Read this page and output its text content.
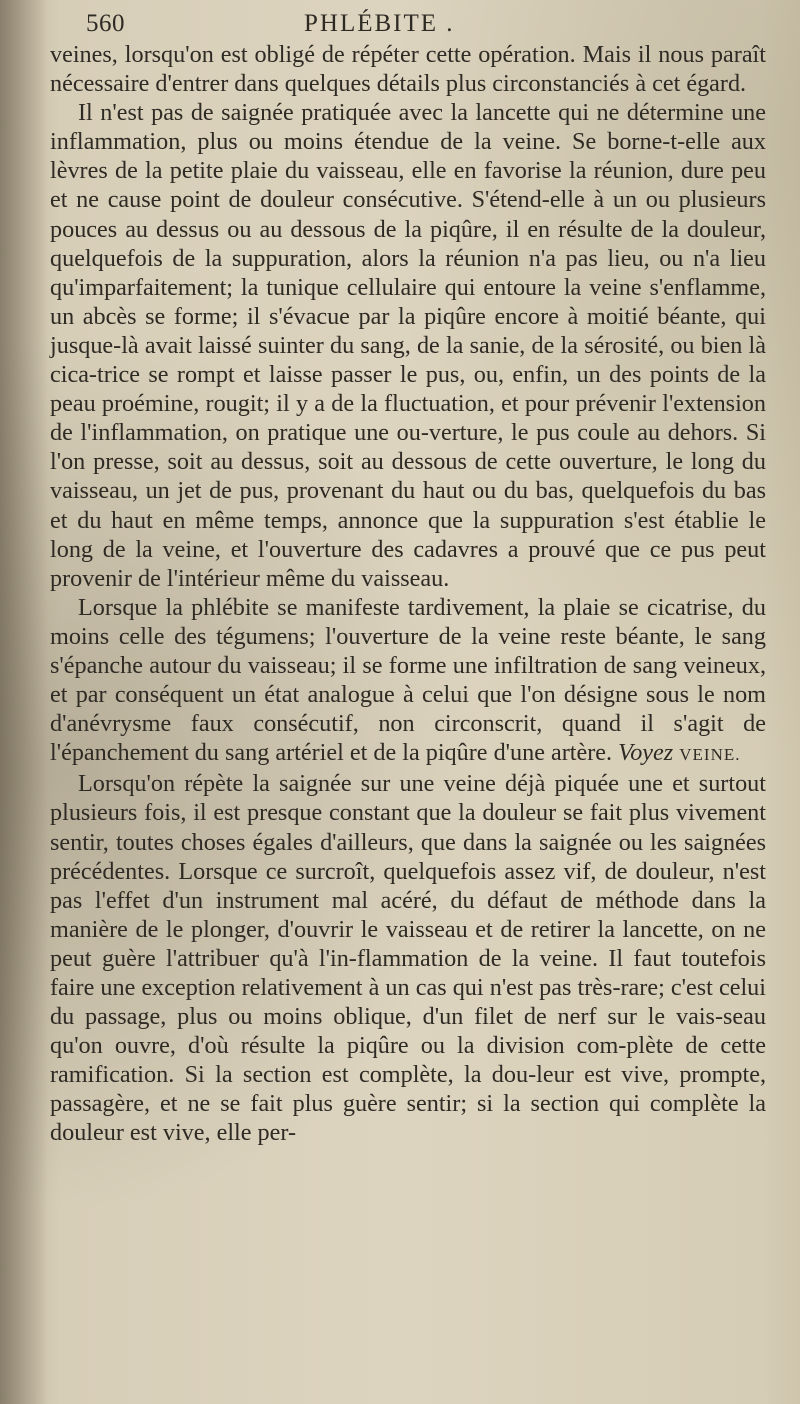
560	PHLÉBITE .

veines, lorsqu'on est obligé de répéter cette opération. Mais il nous paraît nécessaire d'entrer dans quelques détails plus circonstanciés à cet égard.

Il n'est pas de saignée pratiquée avec la lancette qui ne détermine une inflammation, plus ou moins étendue de la veine. Se borne-t-elle aux lèvres de la petite plaie du vaisseau, elle en favorise la réunion, dure peu et ne cause point de douleur consécutive. S'étend-elle à un ou plusieurs pouces au dessus ou au dessous de la piqûre, il en résulte de la douleur, quelquefois de la suppuration, alors la réunion n'a pas lieu, ou n'a lieu qu'imparfaitement; la tunique cellulaire qui entoure la veine s'enflamme, un abcès se forme; il s'évacue par la piqûre encore à moitié béante, qui jusque-là avait laissé suinter du sang, de la sanie, de la sérosité, ou bien là cica-trice se rompt et laisse passer le pus, ou, enfin, un des points de la peau proémine, rougit; il y a de la fluctuation, et pour prévenir l'extension de l'inflammation, on pratique une ou-verture, le pus coule au dehors. Si l'on presse, soit au dessus, soit au dessous de cette ouverture, le long du vaisseau, un jet de pus, provenant du haut ou du bas, quelquefois du bas et du haut en même temps, annonce que la suppuration s'est établie le long de la veine, et l'ouverture des cadavres a prouvé que ce pus peut provenir de l'intérieur même du vaisseau.

Lorsque la phlébite se manifeste tardivement, la plaie se cicatrise, du moins celle des tégumens; l'ouverture de la veine reste béante, le sang s'épanche autour du vaisseau; il se forme une infiltration de sang veineux, et par conséquent un état analogue à celui que l'on désigne sous le nom d'anévrysme faux consécutif, non circonscrit, quand il s'agit de l'épanchement du sang artériel et de la piqûre d'une artère. Voyez VEINE.

Lorsqu'on répète la saignée sur une veine déjà piquée une et surtout plusieurs fois, il est presque constant que la douleur se fait plus vivement sentir, toutes choses égales d'ailleurs, que dans la saignée ou les saignées précédentes. Lorsque ce surcroît, quelquefois assez vif, de douleur, n'est pas l'effet d'un instrument mal acéré, du défaut de méthode dans la manière de le plonger, d'ouvrir le vaisseau et de retirer la lancette, on ne peut guère l'attribuer qu'à l'in-flammation de la veine. Il faut toutefois faire une exception relativement à un cas qui n'est pas très-rare; c'est celui du passage, plus ou moins oblique, d'un filet de nerf sur le vais-seau qu'on ouvre, d'où résulte la piqûre ou la division com-plète de cette ramification. Si la section est complète, la dou-leur est vive, prompte, passagère, et ne se fait plus guère sentir; si la section qui complète la douleur est vive, elle per-
